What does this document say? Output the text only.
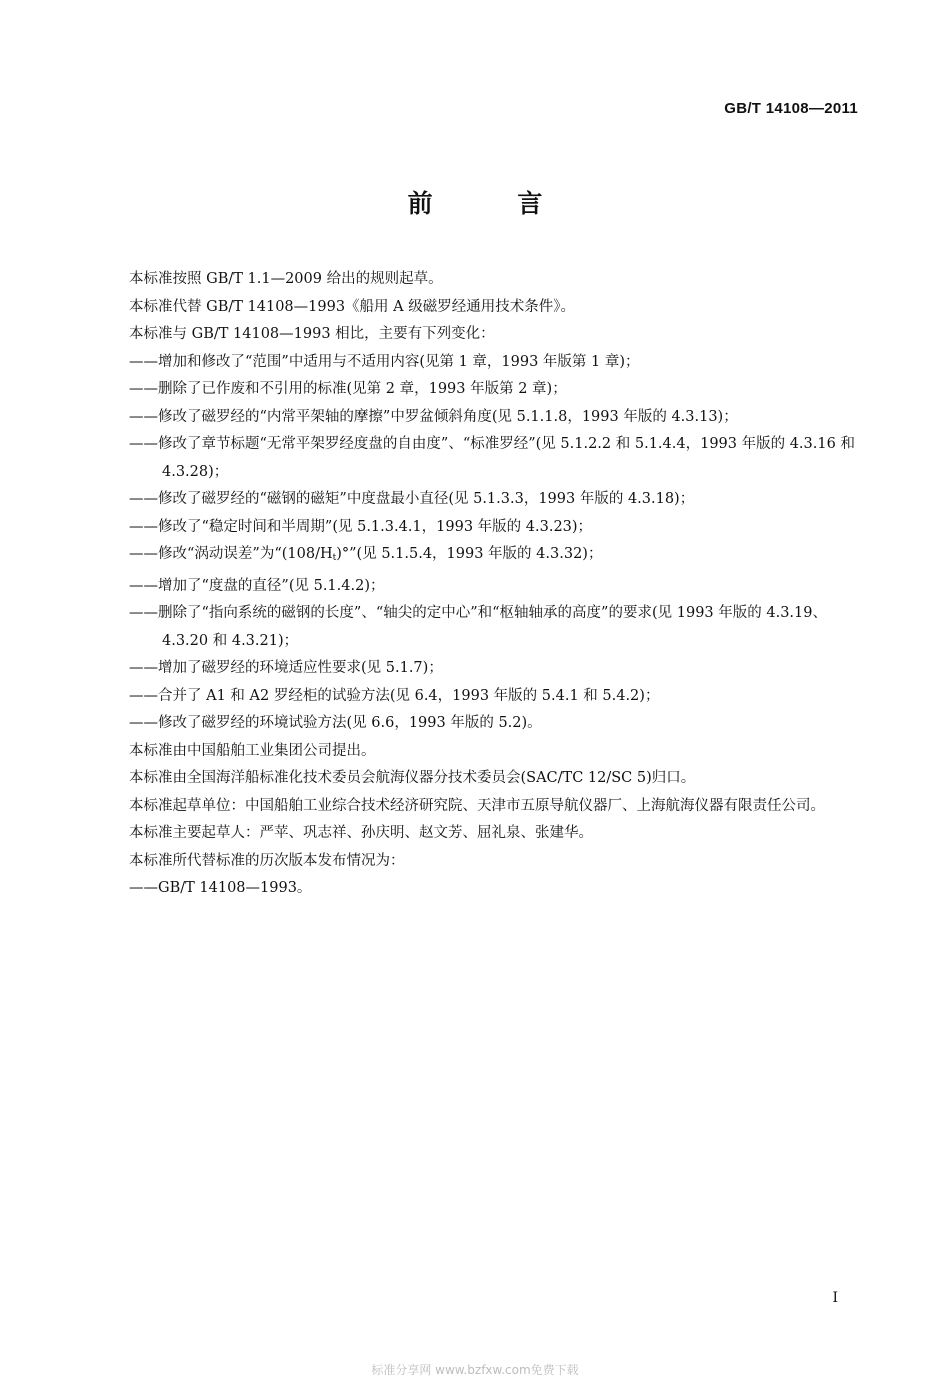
GB/T 14108—2011
前 言

本标准按照 GB/T 1.1—2009 给出的规则起草。

本标准代替 GB/T 14108—1993《船用 A 级磁罗经通用技术条件》。

本标准与 GB/T 14108—1993 相比，主要有下列变化：

——增加和修改了“范围”中适用与不适用内容(见第 1 章，1993 年版第 1 章)；

——删除了已作废和不引用的标准(见第 2 章，1993 年版第 2 章)；

——修改了磁罗经的“内常平架轴的摩擦”中罗盆倾斜角度(见 5.1.1.8，1993 年版的 4.3.13)；

——修改了章节标题“无常平架罗经度盘的自由度”、“标准罗经”(见 5.1.2.2 和 5.1.4.4，1993 年版的 4.3.16 和 4.3.28)；

——修改了磁罗经的“磁钢的磁矩”中度盘最小直径(见 5.1.3.3，1993 年版的 4.3.18)；

——修改了“稳定时间和半周期”(见 5.1.3.4.1，1993 年版的 4.3.23)；

——修改“涡动误差”为“$(108/H_t)^\circ$”(见 5.1.5.4，1993 年版的 4.3.32)；

——增加了“度盘的直径”(见 5.1.4.2)；

——删除了“指向系统的磁钢的长度”、“轴尖的定中心”和“枢轴轴承的高度”的要求(见 1993 年版的 4.3.19、4.3.20 和 4.3.21)；

——增加了磁罗经的环境适应性要求(见 5.1.7)；

——合并了 A1 和 A2 罗经柜的试验方法(见 6.4，1993 年版的 5.4.1 和 5.4.2)；

——修改了磁罗经的环境试验方法(见 6.6，1993 年版的 5.2)。

本标准由中国船舶工业集团公司提出。

本标准由全国海洋船标准化技术委员会航海仪器分技术委员会(SAC/TC 12/SC 5)归口。

本标准起草单位：中国船舶工业综合技术经济研究院、天津市五原导航仪器厂、上海航海仪器有限责任公司。

本标准主要起草人：严苹、巩志祥、孙庆明、赵文芳、屈礼泉、张建华。

本标准所代替标准的历次版本发布情况为：

——GB/T 14108—1993。

I
标准分享网 www.bzfxw.com免费下载
